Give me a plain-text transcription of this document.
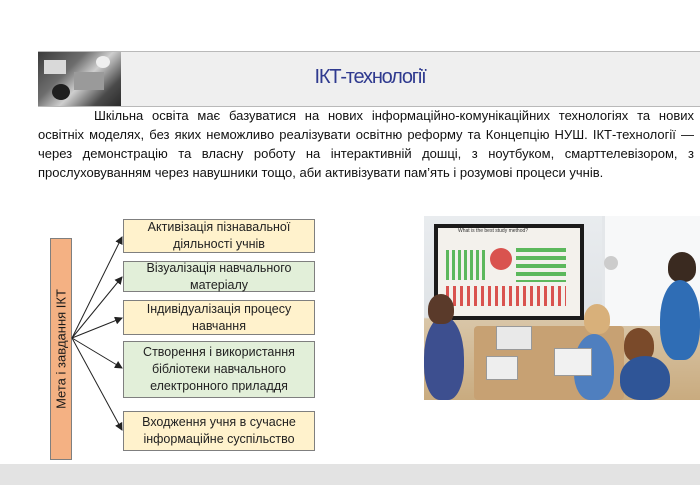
ІКТ-технології
Шкільна освіта має базуватися на нових інформаційно-комунікаційних технологіях та нових освітніх моделях, без яких неможливо реалізувати освітню реформу та Концепцію НУШ. ІКТ-технології — через демонстрацію та власну роботу на інтерактивній дошці, з ноутбуком, смарттелевізором, з прослуховуванням через навушники тощо, аби активізувати пам’ять і розумові процеси учнів.
Мета і завдання ІКТ
Активізація пізнавальної діяльності учнів
Візуалізація навчального матеріалу
Індивідуалізація процесу навчання
Створення і використання бібліотеки навчального електронного приладдя
Входження учня в сучасне інформаційне суспільство
What is the best study method?
